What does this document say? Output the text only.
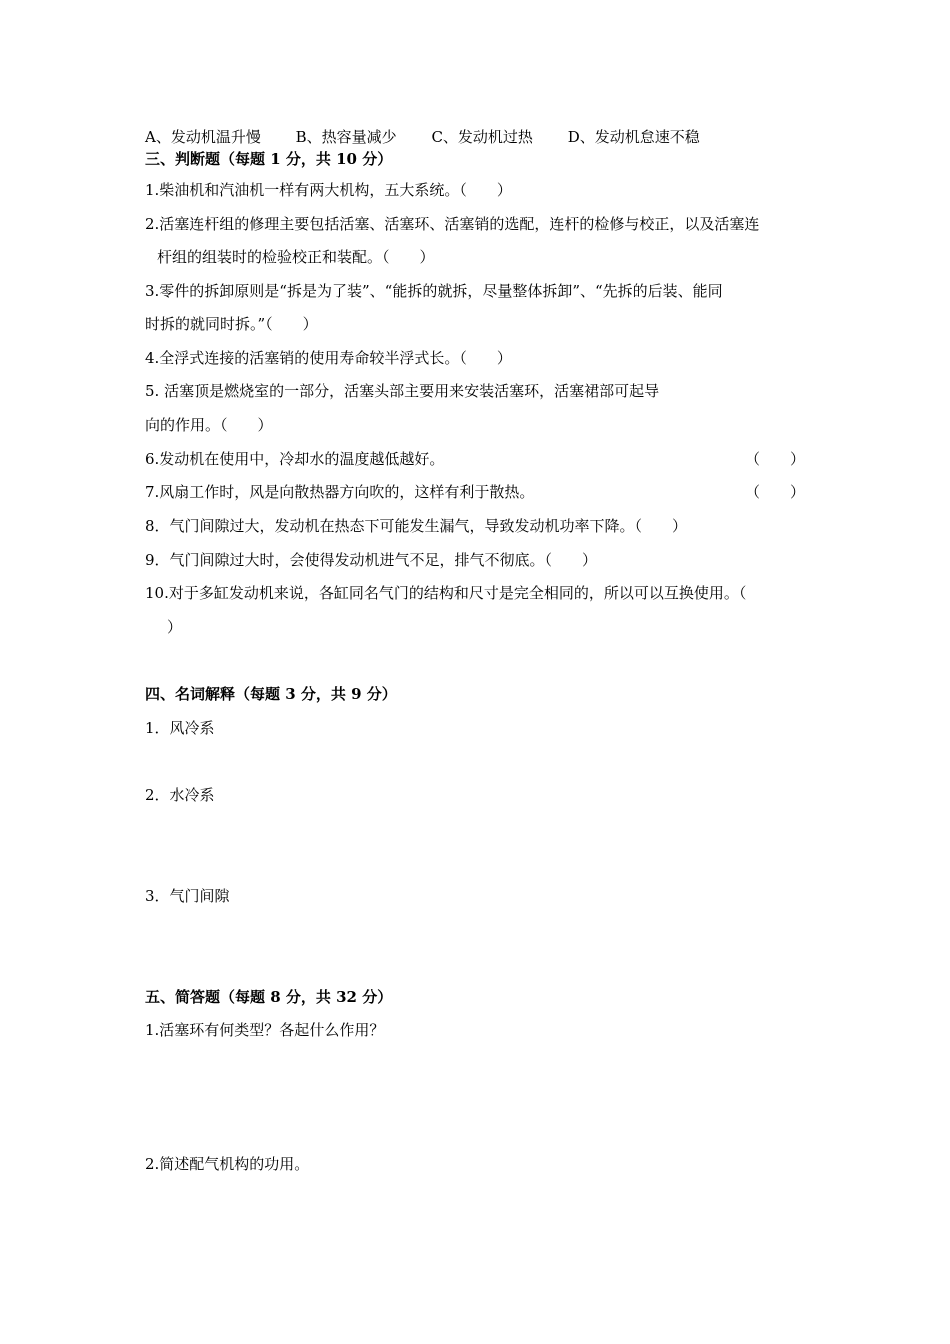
A、发动机温升慢 B、热容量减少 C、发动机过热 D、发动机怠速不稳
三、判断题（每题 1 分，共 10 分）
1.柴油机和汽油机一样有两大机构，五大系统。（　　）
2.活塞连杆组的修理主要包括活塞、活塞环、活塞销的选配，连杆的检修与校正，以及活塞连
杆组的组装时的检验校正和装配。（　　）
3.零件的拆卸原则是“拆是为了装”、“能拆的就拆，尽量整体拆卸”、“先拆的后装、能同
时拆的就同时拆。”（　　）
4.全浮式连接的活塞销的使用寿命较半浮式长。（　　）
5. 活塞顶是燃烧室的一部分，活塞头部主要用来安装活塞环，活塞裙部可起导
向的作用。（　　）
6.发动机在使用中，冷却水的温度越低越好。	（　　）
7.风扇工作时，风是向散热器方向吹的，这样有利于散热。	（　　）
8．气门间隙过大，发动机在热态下可能发生漏气，导致发动机功率下降。（　　）
9．气门间隙过大时，会使得发动机进气不足，排气不彻底。（　　）
10.对于多缸发动机来说，各缸同名气门的结构和尺寸是完全相同的，所以可以互换使用。（
）
四、名词解释（每题 3 分，共 9 分）
1．风冷系
2．水冷系
3．气门间隙
五、简答题（每题 8 分，共 32 分）
1.活塞环有何类型？各起什么作用？
2.简述配气机构的功用。
